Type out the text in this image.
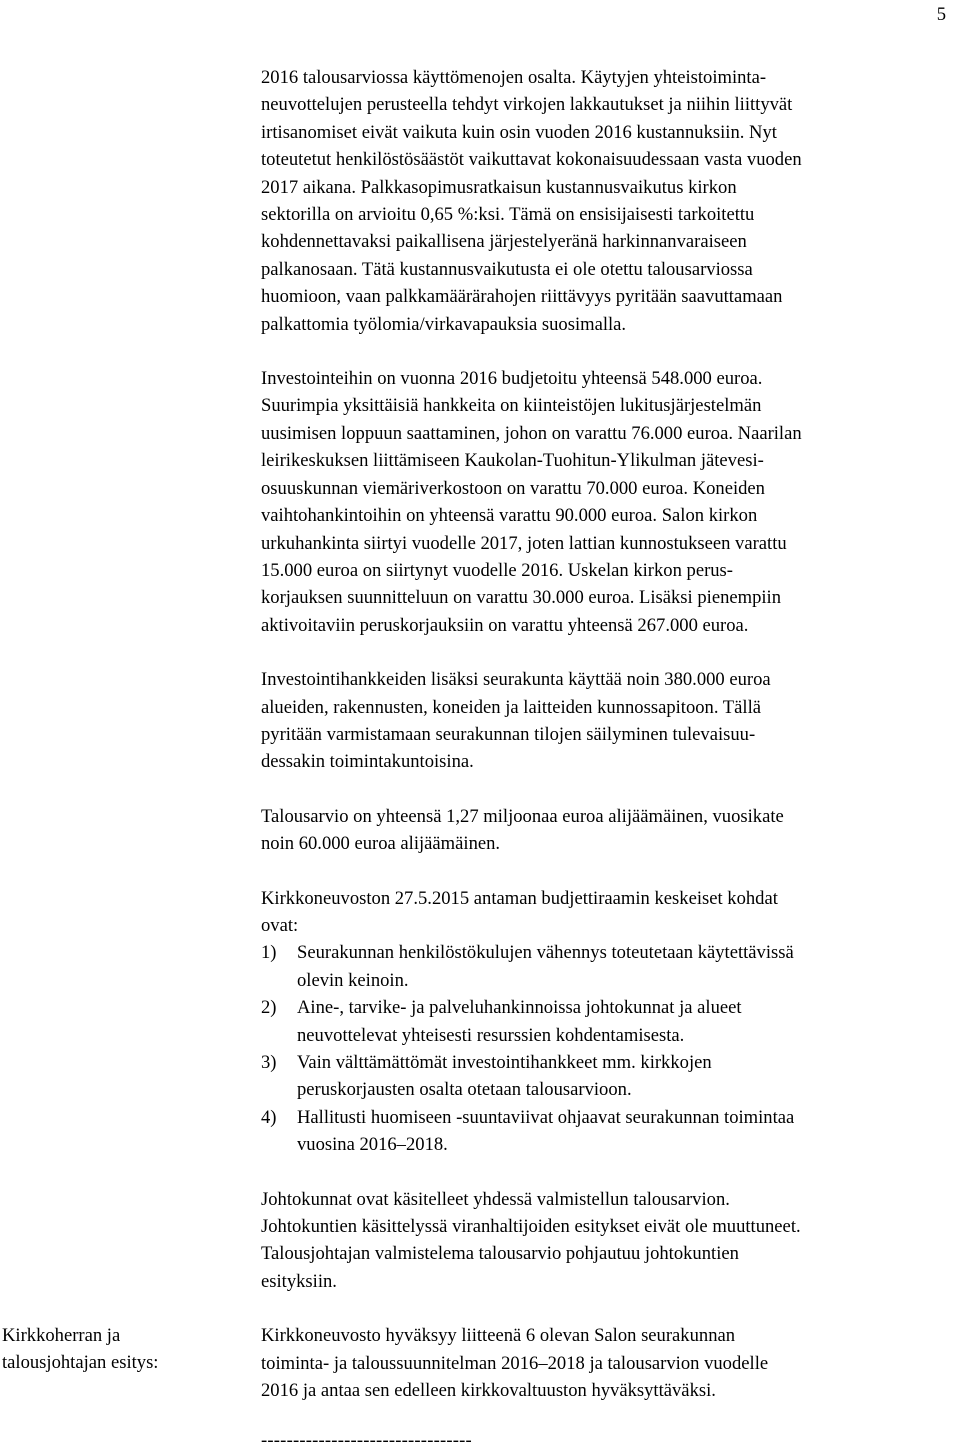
5
2016 talousarviossa käyttömenojen osalta. Käytyjen yhteistoiminta-
neuvottelujen perusteella tehdyt virkojen lakkautukset ja niihin liittyvät
irtisanomiset eivät vaikuta kuin osin vuoden 2016 kustannuksiin. Nyt
toteutetut henkilöstösäästöt vaikuttavat kokonaisuudessaan vasta vuoden
2017 aikana. Palkkasopimusratkaisun kustannusvaikutus kirkon
sektorilla on arvioitu 0,65 %:ksi. Tämä on ensisijaisesti tarkoitettu
kohdennettavaksi paikallisena järjestelyeränä harkinnanvaraiseen
palkanosaan. Tätä kustannusvaikutusta ei ole otettu talousarviossa
huomioon, vaan palkkamäärärahojen riittävyys pyritään saavuttamaan
palkattomia työlomia/virkavapauksia suosimalla.
Investointeihin on vuonna 2016 budjetoitu yhteensä 548.000 euroa.
Suurimpia yksittäisiä hankkeita on kiinteistöjen lukitusjärjestelmän
uusimisen loppuun saattaminen, johon on varattu 76.000 euroa. Naarilan
leirikeskuksen liittämiseen Kaukolan-Tuohitun-Ylikulman jätevesi-
osuuskunnan viemäriverkostoon on varattu 70.000 euroa. Koneiden
vaihtohankintoihin on yhteensä varattu 90.000 euroa. Salon kirkon
urkuhankinta siirtyi vuodelle 2017, joten lattian kunnostukseen varattu
15.000 euroa on siirtynyt vuodelle 2016. Uskelan kirkon perus-
korjauksen suunnitteluun on varattu 30.000 euroa. Lisäksi pienempiin
aktivoitaviin peruskorjauksiin on varattu yhteensä 267.000 euroa.
Investointihankkeiden lisäksi seurakunta käyttää noin 380.000 euroa
alueiden, rakennusten, koneiden ja laitteiden kunnossapitoon. Tällä
pyritään varmistamaan seurakunnan tilojen säilyminen tulevaisuu-
dessakin toimintakuntoisina.
Talousarvio on yhteensä 1,27 miljoonaa euroa alijäämäinen, vuosikate
noin 60.000 euroa alijäämäinen.
Kirkkoneuvoston 27.5.2015 antaman budjettiraamin keskeiset kohdat
ovat:
1) Seurakunnan henkilöstökulujen vähennys toteutetaan käytettävissä
olevin keinoin.
2) Aine-, tarvike- ja palveluhankinnoissa johtokunnat ja alueet
neuvottelevat yhteisesti resurssien kohdentamisesta.
3) Vain välttämättömät investointihankkeet mm. kirkkojen
peruskorjausten osalta otetaan talousarvioon.
4) Hallitusti huomiseen -suuntaviivat ohjaavat seurakunnan toimintaa
vuosina 2016–2018.
Johtokunnat ovat käsitelleet yhdessä valmistellun talousarvion.
Johtokuntien käsittelyssä viranhaltijoiden esitykset eivät ole muuttuneet.
Talousjohtajan valmistelema talousarvio pohjautuu johtokuntien
esityksiin.
Kirkkoneuvosto hyväksyy liitteenä 6 olevan Salon seurakunnan
toiminta- ja taloussuunnitelman 2016–2018 ja talousarvion vuodelle
2016 ja antaa sen edelleen kirkkovaltuuston hyväksyttäväksi.
Kirkkoherran ja
talousjohtajan esitys:
---------------------------------
